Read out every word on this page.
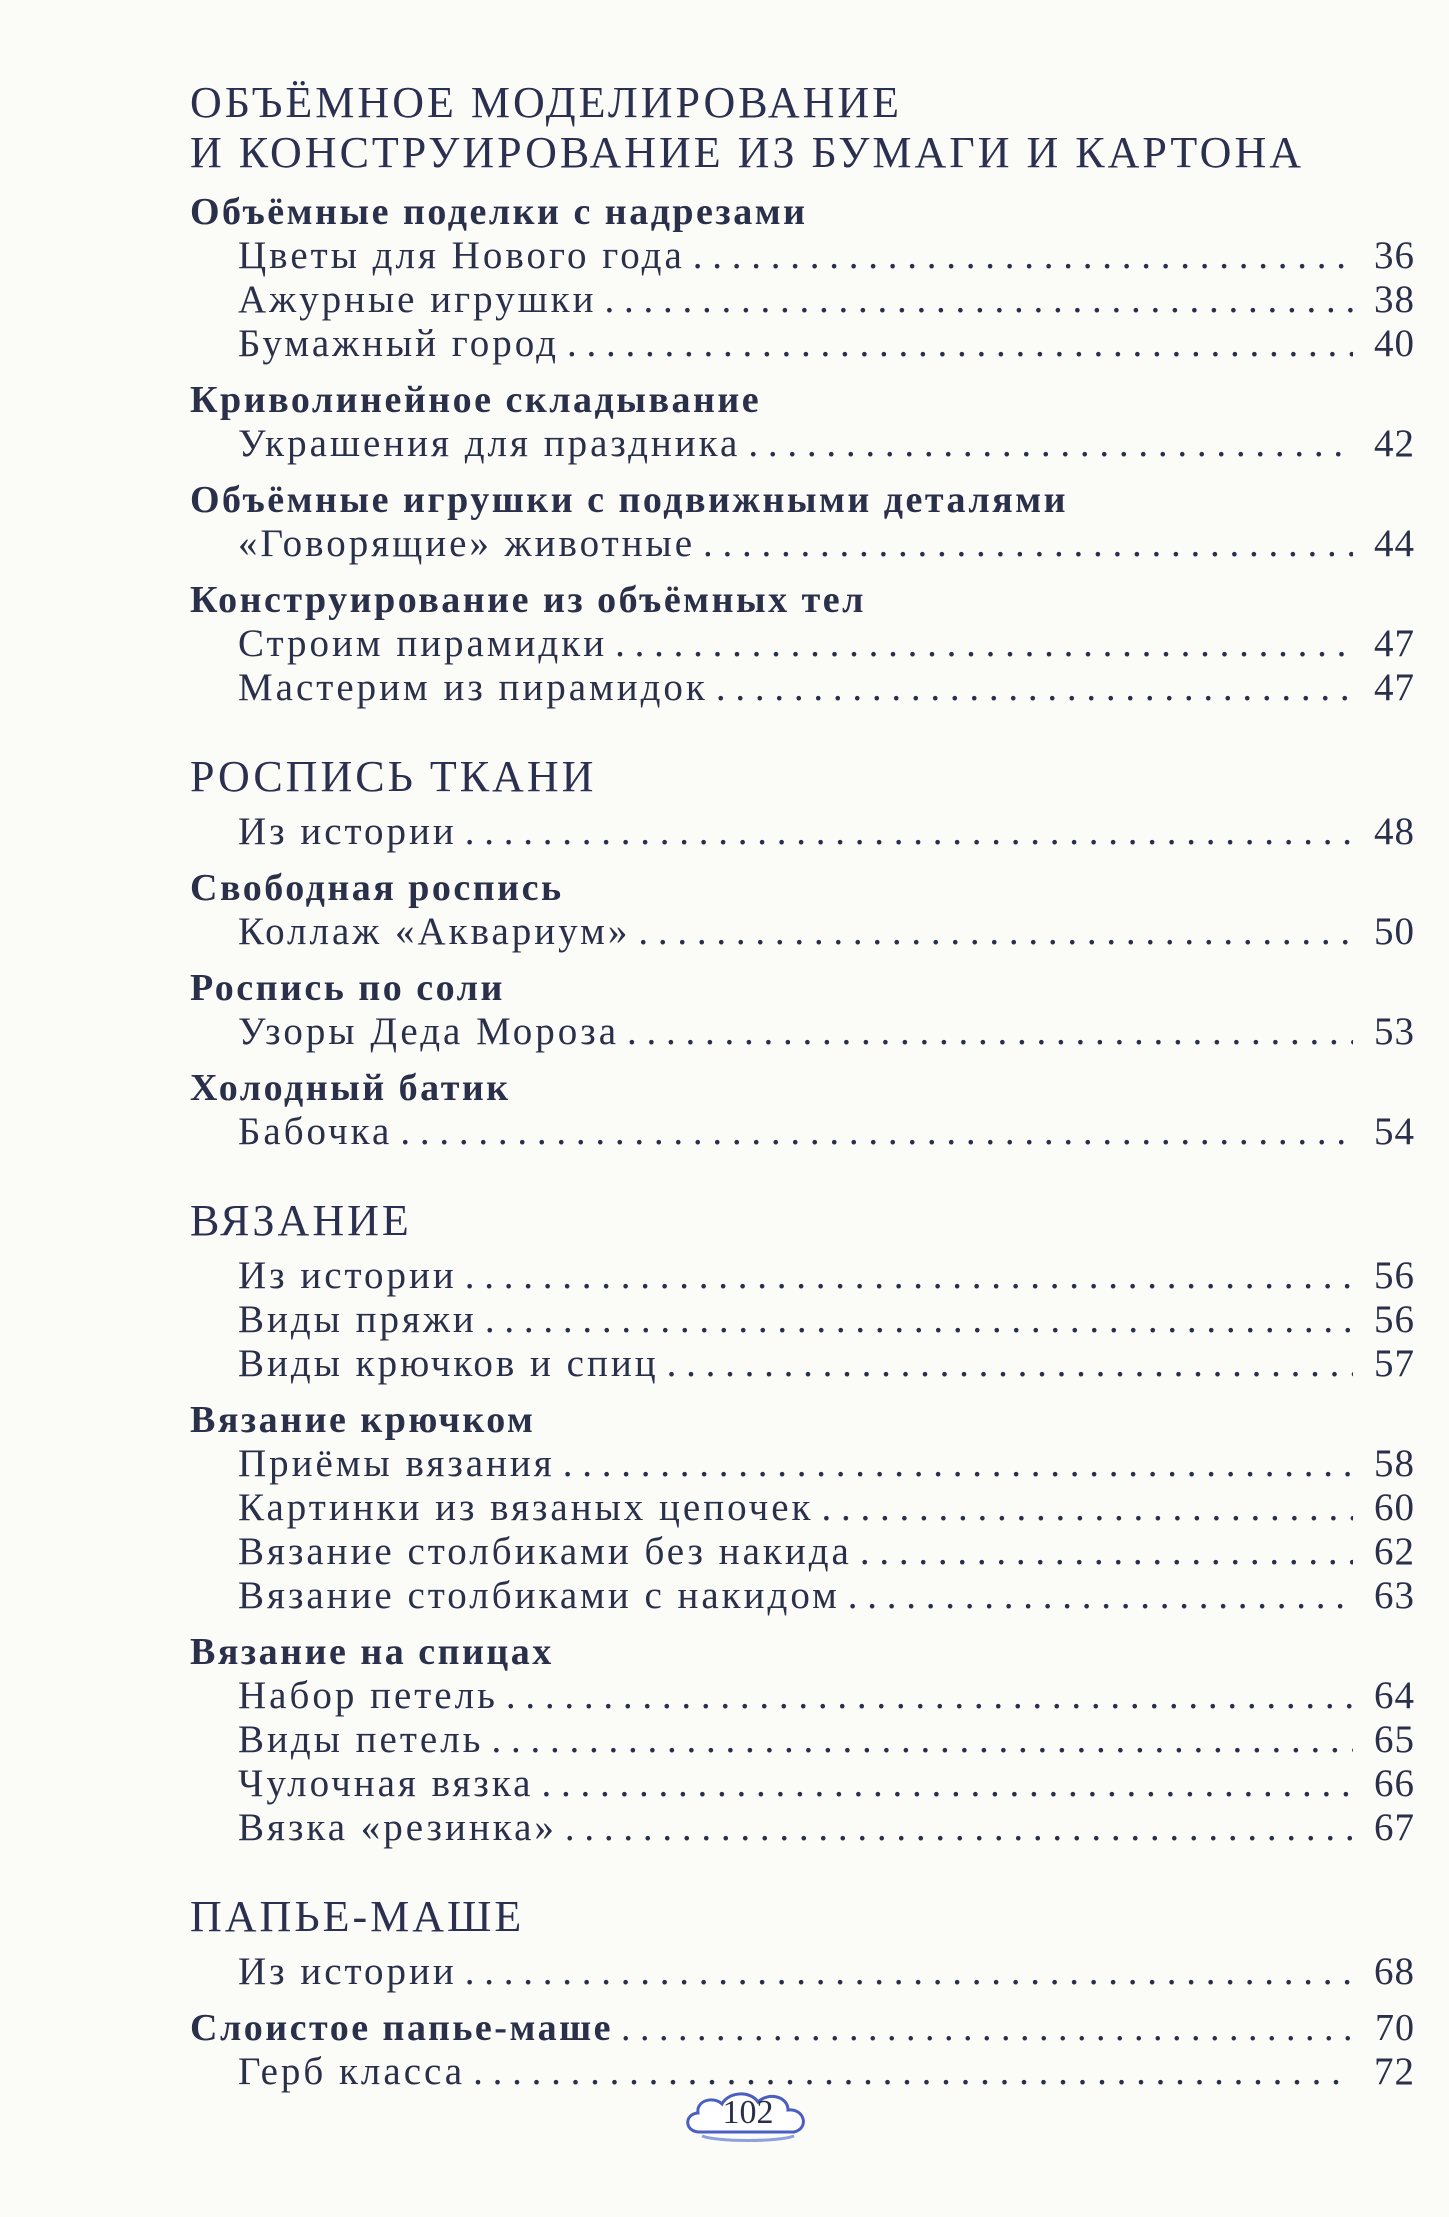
ОБЪЁМНОЕ МОДЕЛИРОВАНИЕ
И КОНСТРУИРОВАНИЕ ИЗ БУМАГИ И КАРТОНА
Объёмные поделки с надрезами
Цветы для Нового года . . .	36
Ажурные игрушки . . .	38
Бумажный город . . .	40
Криволинейное складывание
Украшения для праздника . . .	42
Объёмные игрушки с подвижными деталями
«Говорящие» животные . . .	44
Конструирование из объёмных тел
Строим пирамидки . . .	47
Мастерим из пирамидок . . .	47
РОСПИСЬ ТКАНИ
Из истории . . .	48
Свободная роспись
Коллаж «Аквариум» . . .	50
Роспись по соли
Узоры Деда Мороза . . .	53
Холодный батик
Бабочка . . .	54
ВЯЗАНИЕ
Из истории . . .	56
Виды пряжи . . .	56
Виды крючков и спиц . . .	57
Вязание крючком
Приёмы вязания . . .	58
Картинки из вязаных цепочек . . .	60
Вязание столбиками без накида . . .	62
Вязание столбиками с накидом . . .	63
Вязание на спицах
Набор петель . . .	64
Виды петель . . .	65
Чулочная вязка . . .	66
Вязка «резинка» . . .	67
ПАПЬЕ-МАШЕ
Из истории . . .	68
Слоистое папье-маше . . .	70
Герб класса . . .	72
102
